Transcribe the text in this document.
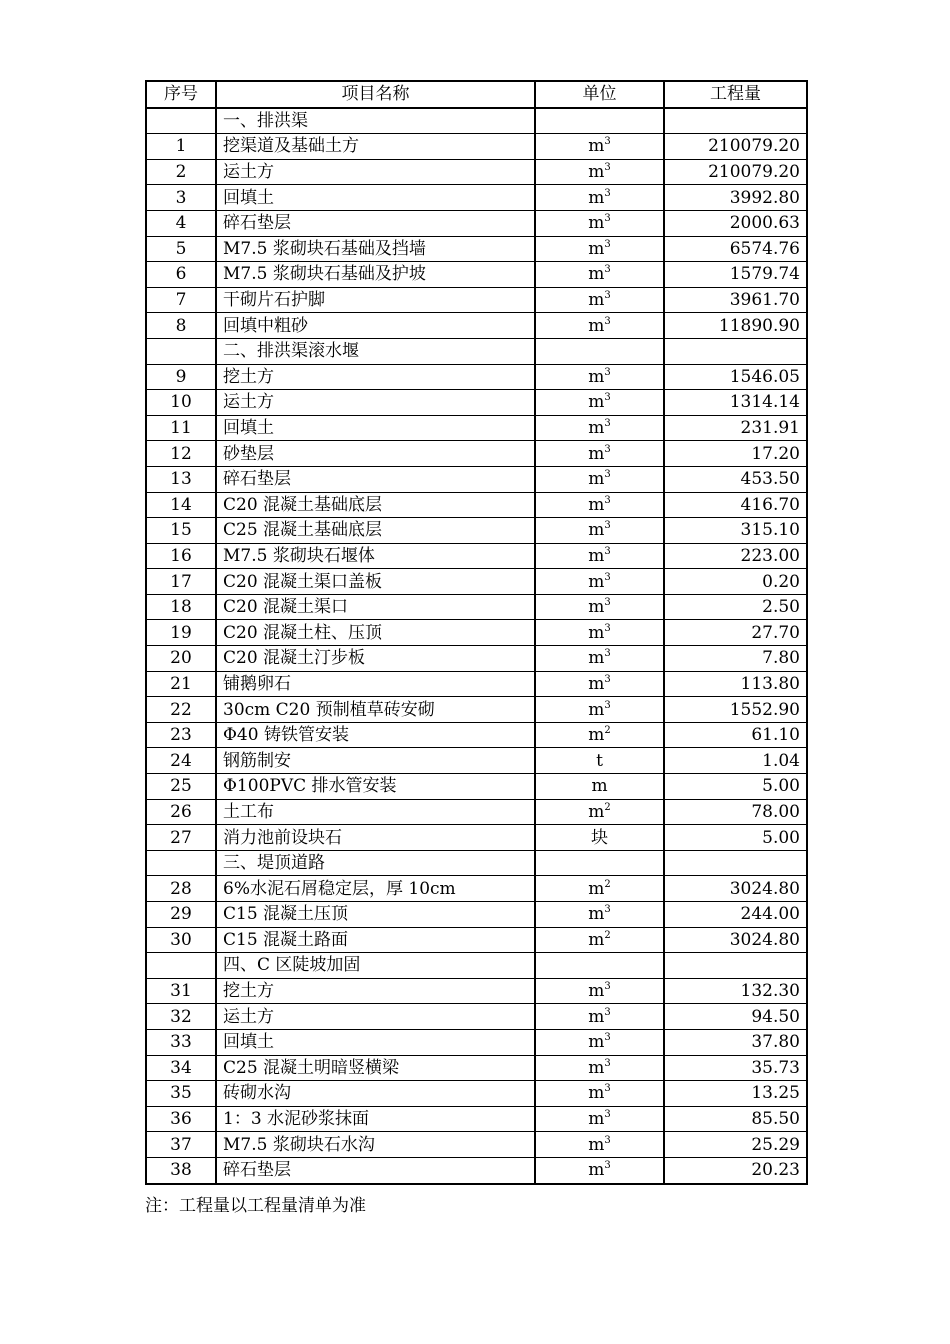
序号	项目名称	单位	工程量
	一、排洪渠		
1	挖渠道及基础土方	$m^3$	210079.20
2	运土方	$m^3$	210079.20
3	回填土	$m^3$	3992.80
4	碎石垫层	$m^3$	2000.63
5	M7.5 浆砌块石基础及挡墙	$m^3$	6574.76
6	M7.5 浆砌块石基础及护坡	$m^3$	1579.74
7	干砌片石护脚	$m^3$	3961.70
8	回填中粗砂	$m^3$	11890.90
	二、排洪渠滚水堰		
9	挖土方	$m^3$	1546.05
10	运土方	$m^3$	1314.14
11	回填土	$m^3$	231.91
12	砂垫层	$m^3$	17.20
13	碎石垫层	$m^3$	453.50
14	C20 混凝土基础底层	$m^3$	416.70
15	C25 混凝土基础底层	$m^3$	315.10
16	M7.5 浆砌块石堰体	$m^3$	223.00
17	C20 混凝土渠口盖板	$m^3$	0.20
18	C20 混凝土渠口	$m^3$	2.50
19	C20 混凝土柱、压顶	$m^3$	27.70
20	C20 混凝土汀步板	$m^3$	7.80
21	铺鹅卵石	$m^3$	113.80
22	30cm C20 预制植草砖安砌	$m^3$	1552.90
23	Φ40 铸铁管安装	$m^2$	61.10
24	钢筋制安	t	1.04
25	Φ100PVC 排水管安装	m	5.00
26	土工布	$m^2$	78.00
27	消力池前设块石	块	5.00
	三、堤顶道路		
28	6%水泥石屑稳定层，厚 10cm	$m^2$	3024.80
29	C15 混凝土压顶	$m^3$	244.00
30	C15 混凝土路面	$m^2$	3024.80
	四、C 区陡坡加固		
31	挖土方	$m^3$	132.30
32	运土方	$m^3$	94.50
33	回填土	$m^3$	37.80
34	C25 混凝土明暗竖横梁	$m^3$	35.73
35	砖砌水沟	$m^3$	13.25
36	1：3 水泥砂浆抹面	$m^3$	85.50
37	M7.5 浆砌块石水沟	$m^3$	25.29
38	碎石垫层	$m^3$	20.23
注：工程量以工程量清单为准
